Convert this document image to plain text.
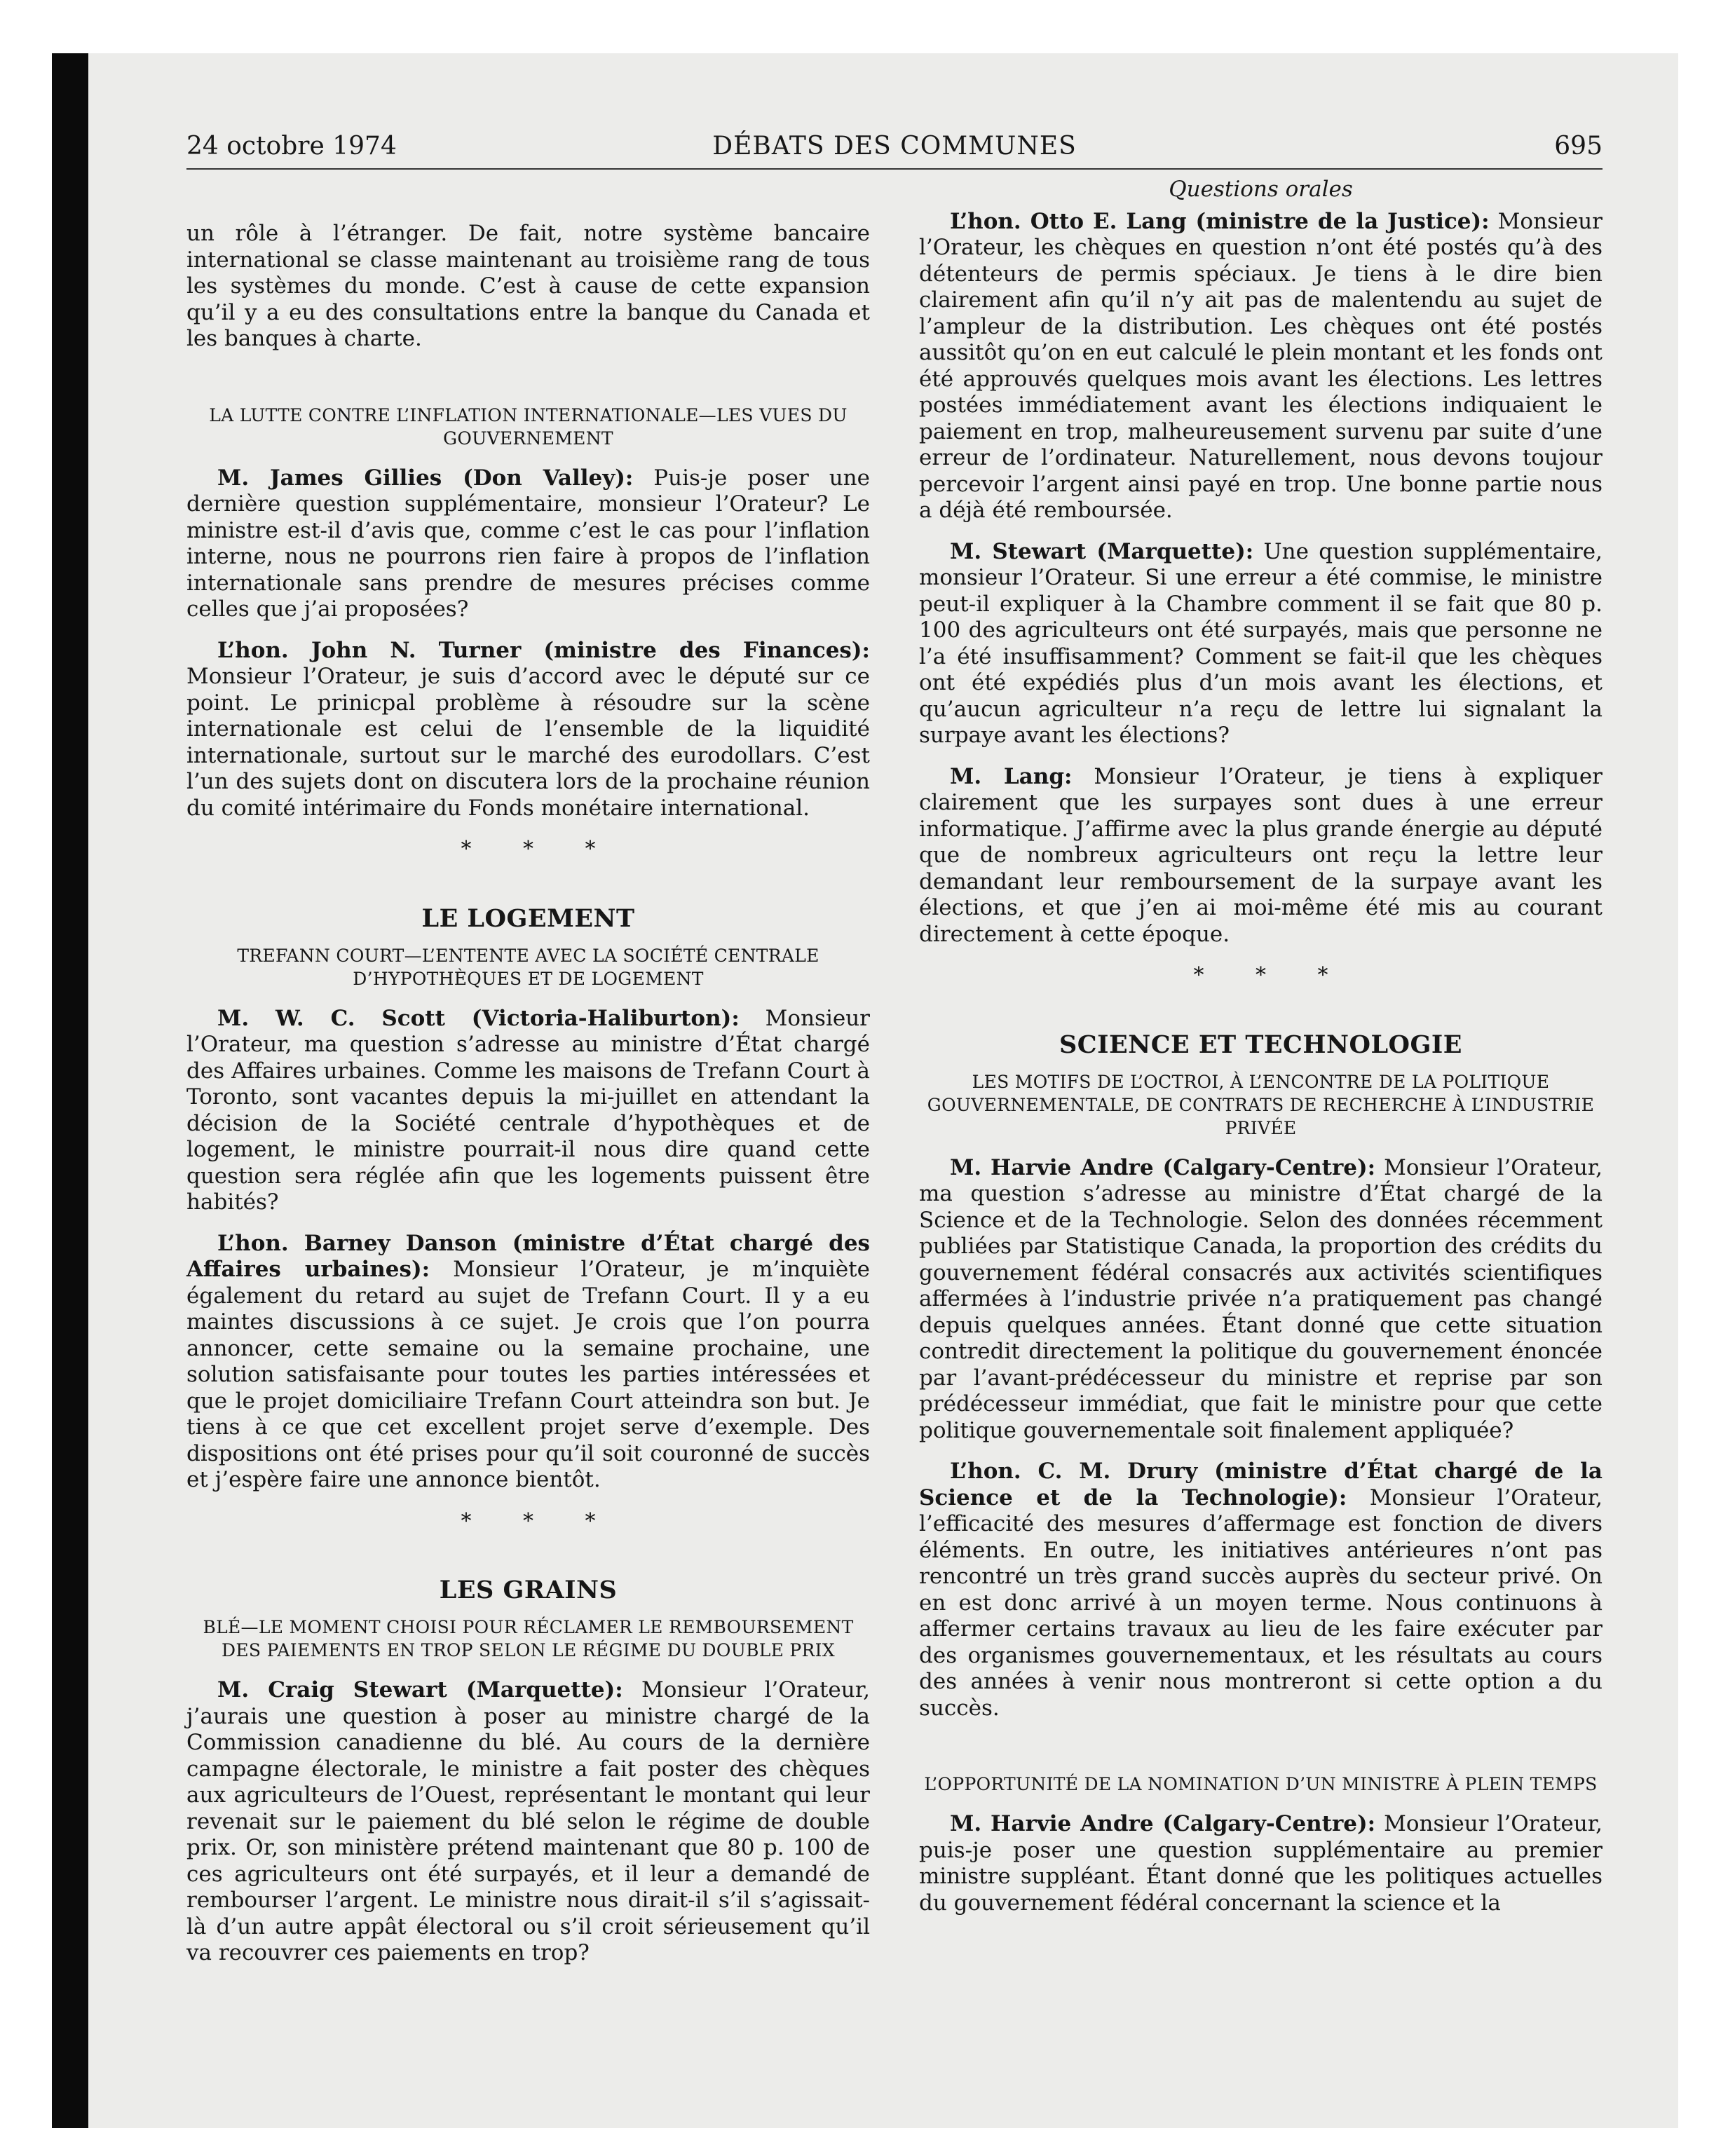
24 octobre 1974	DÉBATS DES COMMUNES	695

un rôle à l’étranger. De fait, notre système bancaire international se classe maintenant au troisième rang de tous les systèmes du monde. C’est à cause de cette expansion qu’il y a eu des consultations entre la banque du Canada et les banques à charte.

LA LUTTE CONTRE L’INFLATION INTERNATIONALE—LES VUES DU GOUVERNEMENT

M. James Gillies (Don Valley): Puis-je poser une dernière question supplémentaire, monsieur l’Orateur? Le ministre est-il d’avis que, comme c’est le cas pour l’inflation interne, nous ne pourrons rien faire à propos de l’inflation internationale sans prendre de mesures précises comme celles que j’ai proposées?

L’hon. John N. Turner (ministre des Finances): Monsieur l’Orateur, je suis d’accord avec le député sur ce point. Le prinicpal problème à résoudre sur la scène internationale est celui de l’ensemble de la liquidité internationale, surtout sur le marché des eurodollars. C’est l’un des sujets dont on discutera lors de la prochaine réunion du comité intérimaire du Fonds monétaire international.

* * *
LE LOGEMENT
TREFANN COURT—L’ENTENTE AVEC LA SOCIÉTÉ CENTRALE D’HYPOTHÈQUES ET DE LOGEMENT

M. W. C. Scott (Victoria-Haliburton): Monsieur l’Orateur, ma question s’adresse au ministre d’État chargé des Affaires urbaines. Comme les maisons de Trefann Court à Toronto, sont vacantes depuis la mi-juillet en attendant la décision de la Société centrale d’hypothèques et de logement, le ministre pourrait-il nous dire quand cette question sera réglée afin que les logements puissent être habités?

L’hon. Barney Danson (ministre d’État chargé des Affaires urbaines): Monsieur l’Orateur, je m’inquiète également du retard au sujet de Trefann Court. Il y a eu maintes discussions à ce sujet. Je crois que l’on pourra annoncer, cette semaine ou la semaine prochaine, une solution satisfaisante pour toutes les parties intéressées et que le projet domiciliaire Trefann Court atteindra son but. Je tiens à ce que cet excellent projet serve d’exemple. Des dispositions ont été prises pour qu’il soit couronné de succès et j’espère faire une annonce bientôt.

* * *
LES GRAINS
BLÉ—LE MOMENT CHOISI POUR RÉCLAMER LE REMBOURSEMENT DES PAIEMENTS EN TROP SELON LE RÉGIME DU DOUBLE PRIX

M. Craig Stewart (Marquette): Monsieur l’Orateur, j’aurais une question à poser au ministre chargé de la Commission canadienne du blé. Au cours de la dernière campagne électorale, le ministre a fait poster des chèques aux agriculteurs de l’Ouest, représentant le montant qui leur revenait sur le paiement du blé selon le régime de double prix. Or, son ministère prétend maintenant que 80 p. 100 de ces agriculteurs ont été surpayés, et il leur a demandé de rembourser l’argent. Le ministre nous dirait-il s’il s’agissait-là d’un autre appât électoral ou s’il croit sérieusement qu’il va recouvrer ces paiements en trop?

Questions orales

L’hon. Otto E. Lang (ministre de la Justice): Monsieur l’Orateur, les chèques en question n’ont été postés qu’à des détenteurs de permis spéciaux. Je tiens à le dire bien clairement afin qu’il n’y ait pas de malentendu au sujet de l’ampleur de la distribution. Les chèques ont été postés aussitôt qu’on en eut calculé le plein montant et les fonds ont été approuvés quelques mois avant les élections. Les lettres postées immédiatement avant les élections indiquaient le paiement en trop, malheureusement survenu par suite d’une erreur de l’ordinateur. Naturellement, nous devons toujour percevoir l’argent ainsi payé en trop. Une bonne partie nous a déjà été remboursée.

M. Stewart (Marquette): Une question supplémentaire, monsieur l’Orateur. Si une erreur a été commise, le ministre peut-il expliquer à la Chambre comment il se fait que 80 p. 100 des agriculteurs ont été surpayés, mais que personne ne l’a été insuffisamment? Comment se fait-il que les chèques ont été expédiés plus d’un mois avant les élections, et qu’aucun agriculteur n’a reçu de lettre lui signalant la surpaye avant les élections?

M. Lang: Monsieur l’Orateur, je tiens à expliquer clairement que les surpayes sont dues à une erreur informatique. J’affirme avec la plus grande énergie au député que de nombreux agriculteurs ont reçu la lettre leur demandant leur remboursement de la surpaye avant les élections, et que j’en ai moi-même été mis au courant directement à cette époque.

* * *
SCIENCE ET TECHNOLOGIE
LES MOTIFS DE L’OCTROI, À L’ENCONTRE DE LA POLITIQUE GOUVERNEMENTALE, DE CONTRATS DE RECHERCHE À L’INDUSTRIE PRIVÉE

M. Harvie Andre (Calgary-Centre): Monsieur l’Orateur, ma question s’adresse au ministre d’État chargé de la Science et de la Technologie. Selon des données récemment publiées par Statistique Canada, la proportion des crédits du gouvernement fédéral consacrés aux activités scientifiques affermées à l’industrie privée n’a pratiquement pas changé depuis quelques années. Étant donné que cette situation contredit directement la politique du gouvernement énoncée par l’avant-prédécesseur du ministre et reprise par son prédécesseur immédiat, que fait le ministre pour que cette politique gouvernementale soit finalement appliquée?

L’hon. C. M. Drury (ministre d’État chargé de la Science et de la Technologie): Monsieur l’Orateur, l’efficacité des mesures d’affermage est fonction de divers éléments. En outre, les initiatives antérieures n’ont pas rencontré un très grand succès auprès du secteur privé. On en est donc arrivé à un moyen terme. Nous continuons à affermer certains travaux au lieu de les faire exécuter par des organismes gouvernementaux, et les résultats au cours des années à venir nous montreront si cette option a du succès.

L’OPPORTUNITÉ DE LA NOMINATION D’UN MINISTRE À PLEIN TEMPS

M. Harvie Andre (Calgary-Centre): Monsieur l’Orateur, puis-je poser une question supplémentaire au premier ministre suppléant. Étant donné que les politiques actuelles du gouvernement fédéral concernant la science et la
